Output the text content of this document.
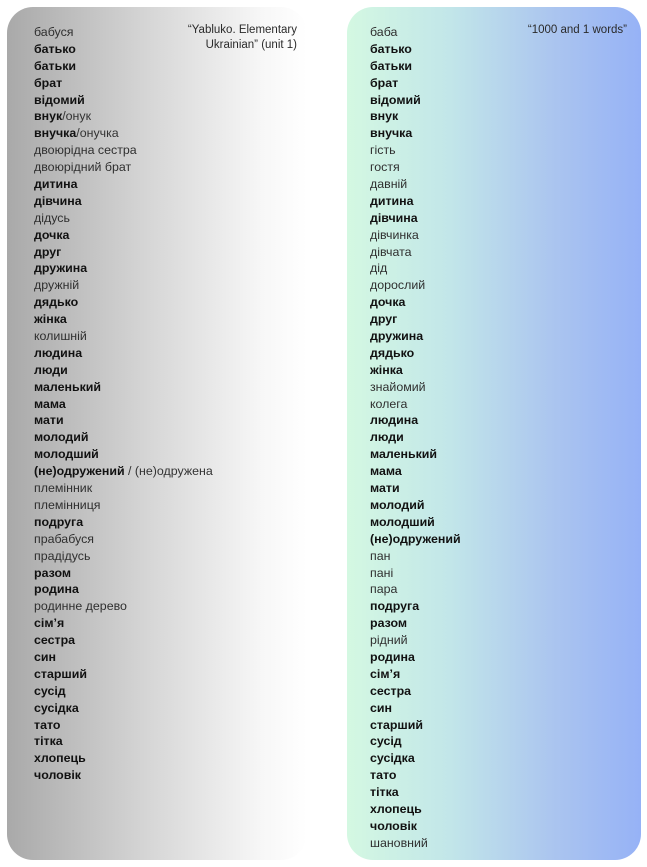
“Yabluko. Elementary Ukrainian” (unit 1)
бабуся
батько
батьки
брат
відомий
внук/онук
внучка/онучка
двоюрідна сестра
двоюрідний брат
дитина
дівчина
дідусь
дочка
друг
дружина
дружній
дядько
жінка
колишній
людина
люди
маленький
мама
мати
молодий
молодший
(не)одружений / (не)одружена
племінник
племінниця
подруга
прабабуся
прадідусь
разом
родина
родинне дерево
сім’я
сестра
син
старший
сусід
сусідка
тато
тітка
хлопець
чоловік
“1000 and 1 words”
баба
батько
батьки
брат
відомий
внук
внучка
гість
гостя
давній
дитина
дівчина
дівчинка
дівчата
дід
дорослий
дочка
друг
дружина
дядько
жінка
знайомий
колега
людина
люди
маленький
мама
мати
молодий
молодший
(не)одружений
пан
пані
пара
подруга
разом
рідний
родина
сім’я
сестра
син
старший
сусід
сусідка
тато
тітка
хлопець
чоловік
шановний
